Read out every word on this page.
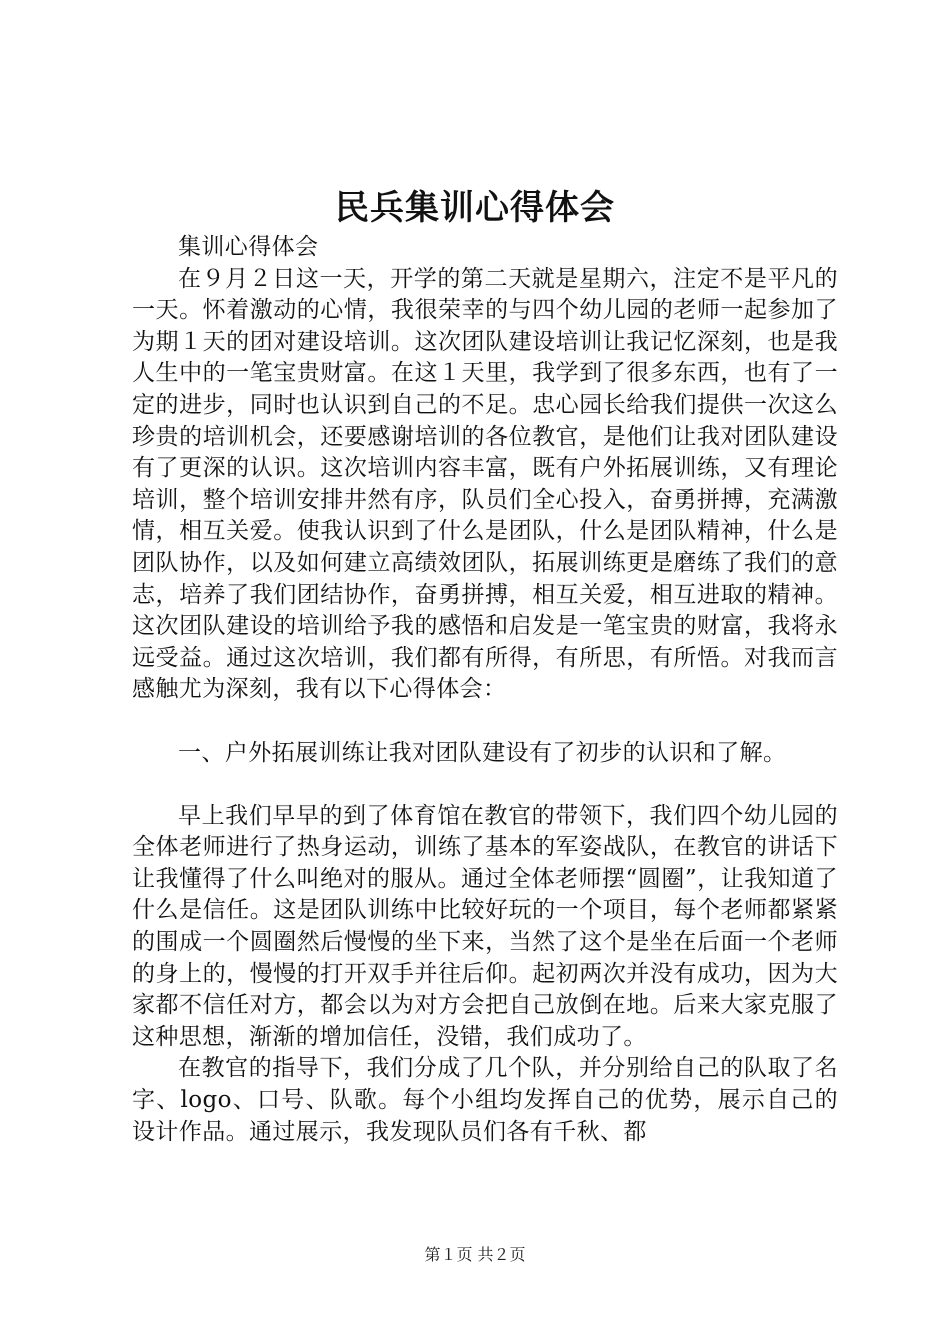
民兵集训心得体会

集训心得体会

在９月２日这一天，开学的第二天就是星期六，注定不是平凡的一天。怀着激动的心情，我很荣幸的与四个幼儿园的老师一起参加了为期１天的团对建设培训。这次团队建设培训让我记忆深刻，也是我人生中的一笔宝贵财富。在这１天里，我学到了很多东西，也有了一定的进步，同时也认识到自己的不足。忠心园长给我们提供一次这么珍贵的培训机会，还要感谢培训的各位教官，是他们让我对团队建设有了更深的认识。这次培训内容丰富，既有户外拓展训练，又有理论培训，整个培训安排井然有序，队员们全心投入，奋勇拼搏，充满激情，相互关爱。使我认识到了什么是团队，什么是团队精神，什么是团队协作，以及如何建立高绩效团队，拓展训练更是磨练了我们的意志，培养了我们团结协作，奋勇拼搏，相互关爱，相互进取的精神。这次团队建设的培训给予我的感悟和启发是一笔宝贵的财富，我将永远受益。通过这次培训，我们都有所得，有所思，有所悟。对我而言感触尤为深刻，我有以下心得体会：

一、户外拓展训练让我对团队建设有了初步的认识和了解。

早上我们早早的到了体育馆在教官的带领下，我们四个幼儿园的全体老师进行了热身运动，训练了基本的军姿战队，在教官的讲话下让我懂得了什么叫绝对的服从。通过全体老师摆“圆圈”，让我知道了什么是信任。这是团队训练中比较好玩的一个项目，每个老师都紧紧的围成一个圆圈然后慢慢的坐下来，当然了这个是坐在后面一个老师的身上的，慢慢的打开双手并往后仰。起初两次并没有成功，因为大家都不信任对方，都会以为对方会把自己放倒在地。后来大家克服了这种思想，渐渐的增加信任，没错，我们成功了。

在教官的指导下，我们分成了几个队，并分别给自己的队取了名字、logo、口号、队歌。每个小组均发挥自己的优势，展示自己的设计作品。通过展示，我发现队员们各有千秋、都

第１页 共２页
